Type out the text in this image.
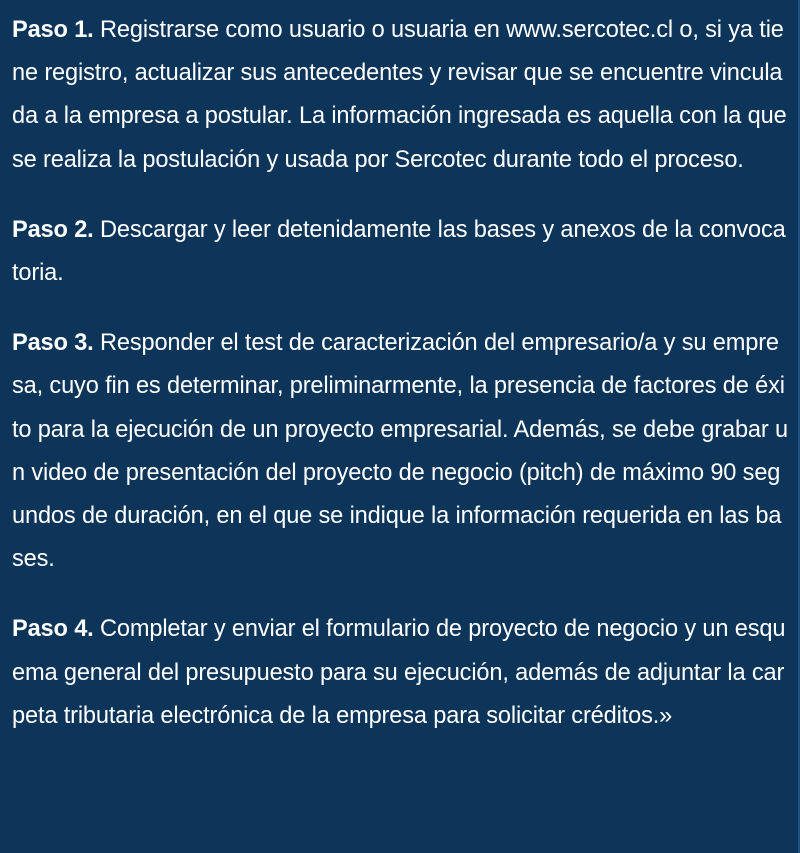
Paso 1. Registrarse como usuario o usuaria en www.sercotec.cl o, si ya tiene registro, actualizar sus antecedentes y revisar que se encuentre vinculada a la empresa a postular. La información ingresada es aquella con la que se realiza la postulación y usada por Sercotec durante todo el proceso.

Paso 2. Descargar y leer detenidamente las bases y anexos de la convocatoria.

Paso 3. Responder el test de caracterización del empresario/a y su empresa, cuyo fin es determinar, preliminarmente, la presencia de factores de éxito para la ejecución de un proyecto empresarial. Además, se debe grabar un video de presentación del proyecto de negocio (pitch) de máximo 90 segundos de duración, en el que se indique la información requerida en las bases.

Paso 4. Completar y enviar el formulario de proyecto de negocio y un esquema general del presupuesto para su ejecución, además de adjuntar la carpeta tributaria electrónica de la empresa para solicitar créditos.»
